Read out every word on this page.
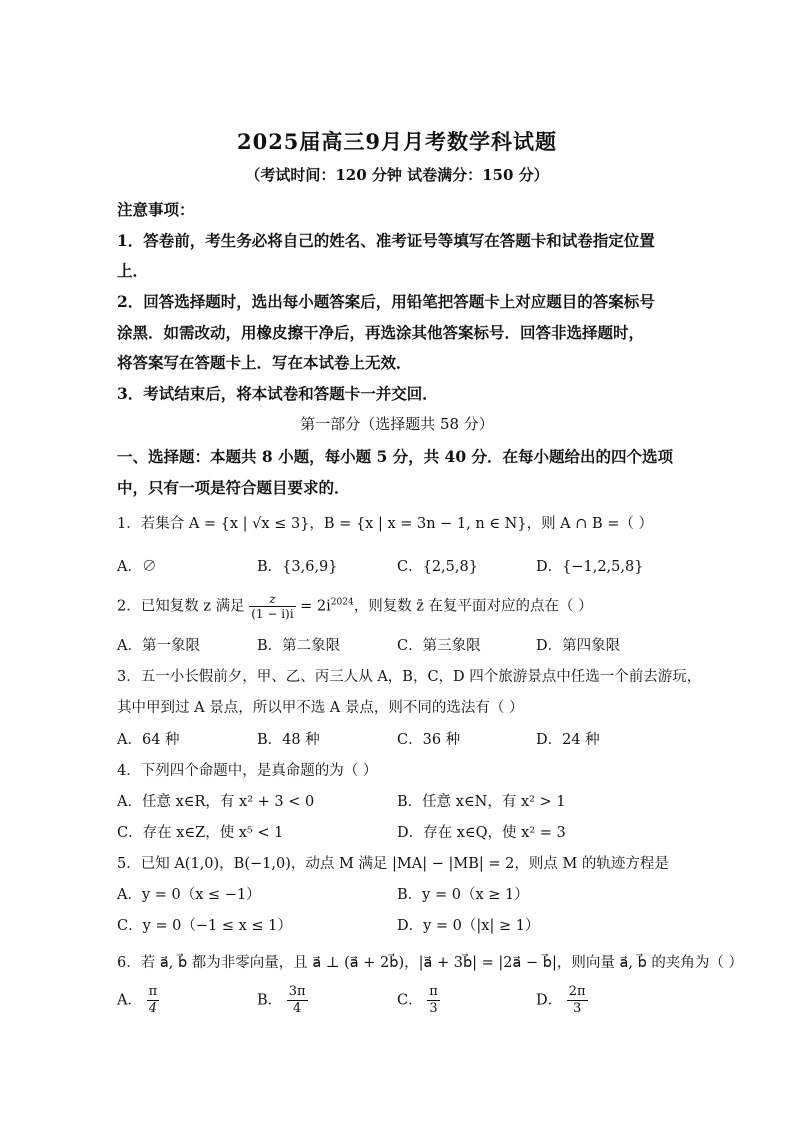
2025届高三9月月考数学科试题
（考试时间：120 分钟 试卷满分：150 分）
注意事项：
1．答卷前，考生务必将自己的姓名、准考证号等填写在答题卡和试卷指定位置
上．
2．回答选择题时，选出每小题答案后，用铅笔把答题卡上对应题目的答案标号
涂黑．如需改动，用橡皮擦干净后，再选涂其他答案标号．回答非选择题时，
将答案写在答题卡上．写在本试卷上无效．
3．考试结束后，将本试卷和答题卡一并交回．
第一部分（选择题共 58 分）
一、选择题：本题共 8 小题，每小题 5 分，共 40 分．在每小题给出的四个选项
中，只有一项是符合题目要求的．
1．若集合 A = {x | √x ≤ 3}，B = {x | x = 3n − 1, n ∈ N}，则 A ∩ B =（ ）
A．∅	B．{3,6,9}	C．{2,5,8}	D．{−1,2,5,8}
2．已知复数 z 满足 $\frac{z}{(1 - i)i} = 2i^{2024}$，则复数 z̄ 在复平面对应的点在（ ）
A．第一象限	B．第二象限	C．第三象限	D．第四象限
3．五一小长假前夕，甲、乙、丙三人从 A，B，C，D 四个旅游景点中任选一个前去游玩，
其中甲到过 A 景点，所以甲不选 A 景点，则不同的选法有（ ）
A．64 种	B．48 种	C．36 种	D．24 种
4．下列四个命题中，是真命题的为（ ）
A．任意 x∈R，有 x² + 3 < 0	B．任意 x∈N，有 x² > 1
C．存在 x∈Z，使 x⁵ < 1	D．存在 x∈Q，使 x² = 3
5．已知 A(1,0)，B(−1,0)，动点 M 满足 |MA| − |MB| = 2，则点 M 的轨迹方程是
A．y = 0（x ≤ −1）	B．y = 0（x ≥ 1）
C．y = 0（−1 ≤ x ≤ 1）	D．y = 0（|x| ≥ 1）
6．若 a⃗, b⃗ 都为非零向量，且 a⃗ ⊥ (a⃗ + 2b⃗)，|a⃗ + 3b⃗| = |2a⃗ − b⃗|，则向量 a⃗, b⃗ 的夹角为（ ）
A． $\frac{\pi}{4}$	B． $\frac{3\pi}{4}$	C． $\frac{\pi}{3}$	D． $\frac{2\pi}{3}$
